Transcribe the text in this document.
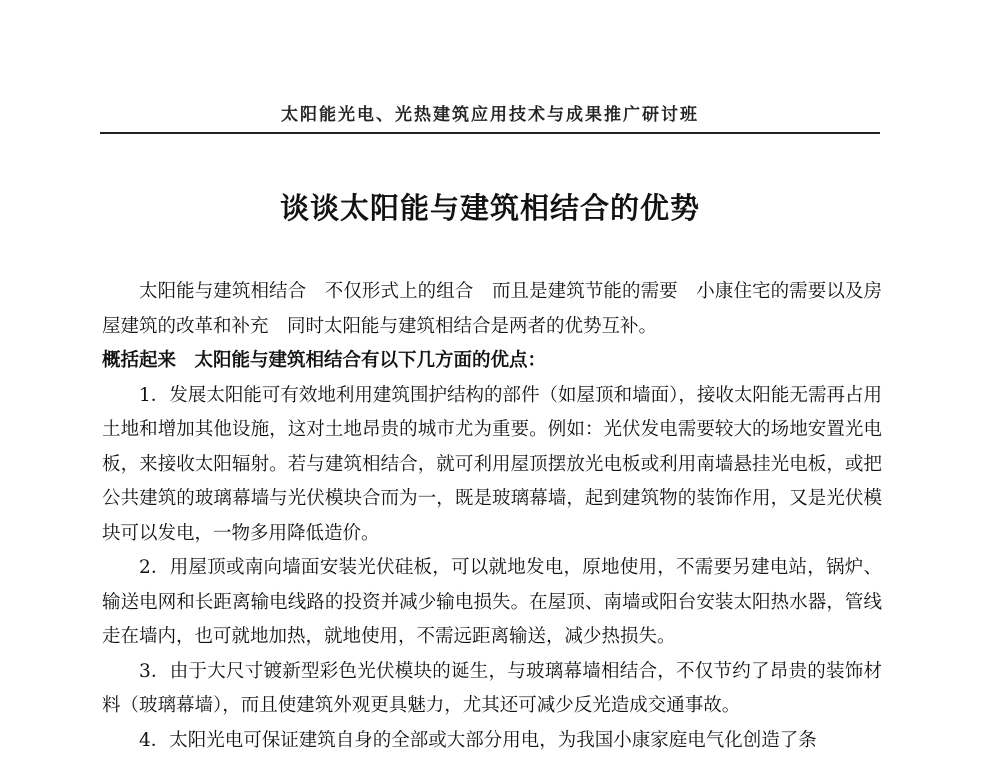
太阳能光电、光热建筑应用技术与成果推广研讨班
谈谈太阳能与建筑相结合的优势

太阳能与建筑相结合　不仅形式上的组合　而且是建筑节能的需要　小康住宅的需要以及房屋建筑的改革和补充　同时太阳能与建筑相结合是两者的优势互补。

概括起来　太阳能与建筑相结合有以下几方面的优点：

1．发展太阳能可有效地利用建筑围护结构的部件（如屋顶和墙面），接收太阳能无需再占用土地和增加其他设施，这对土地昂贵的城市尤为重要。例如：光伏发电需要较大的场地安置光电板，来接收太阳辐射。若与建筑相结合，就可利用屋顶摆放光电板或利用南墙悬挂光电板，或把公共建筑的玻璃幕墙与光伏模块合而为一，既是玻璃幕墙，起到建筑物的装饰作用，又是光伏模块可以发电，一物多用降低造价。

2．用屋顶或南向墙面安装光伏硅板，可以就地发电，原地使用，不需要另建电站，锅炉、输送电网和长距离输电线路的投资并减少输电损失。在屋顶、南墙或阳台安装太阳热水器，管线走在墙内，也可就地加热，就地使用，不需远距离输送，减少热损失。

3．由于大尺寸镀新型彩色光伏模块的诞生，与玻璃幕墙相结合，不仅节约了昂贵的装饰材料（玻璃幕墙），而且使建筑外观更具魅力，尤其还可减少反光造成交通事故。

4．太阳光电可保证建筑自身的全部或大部分用电，为我国小康家庭电气化创造了条
